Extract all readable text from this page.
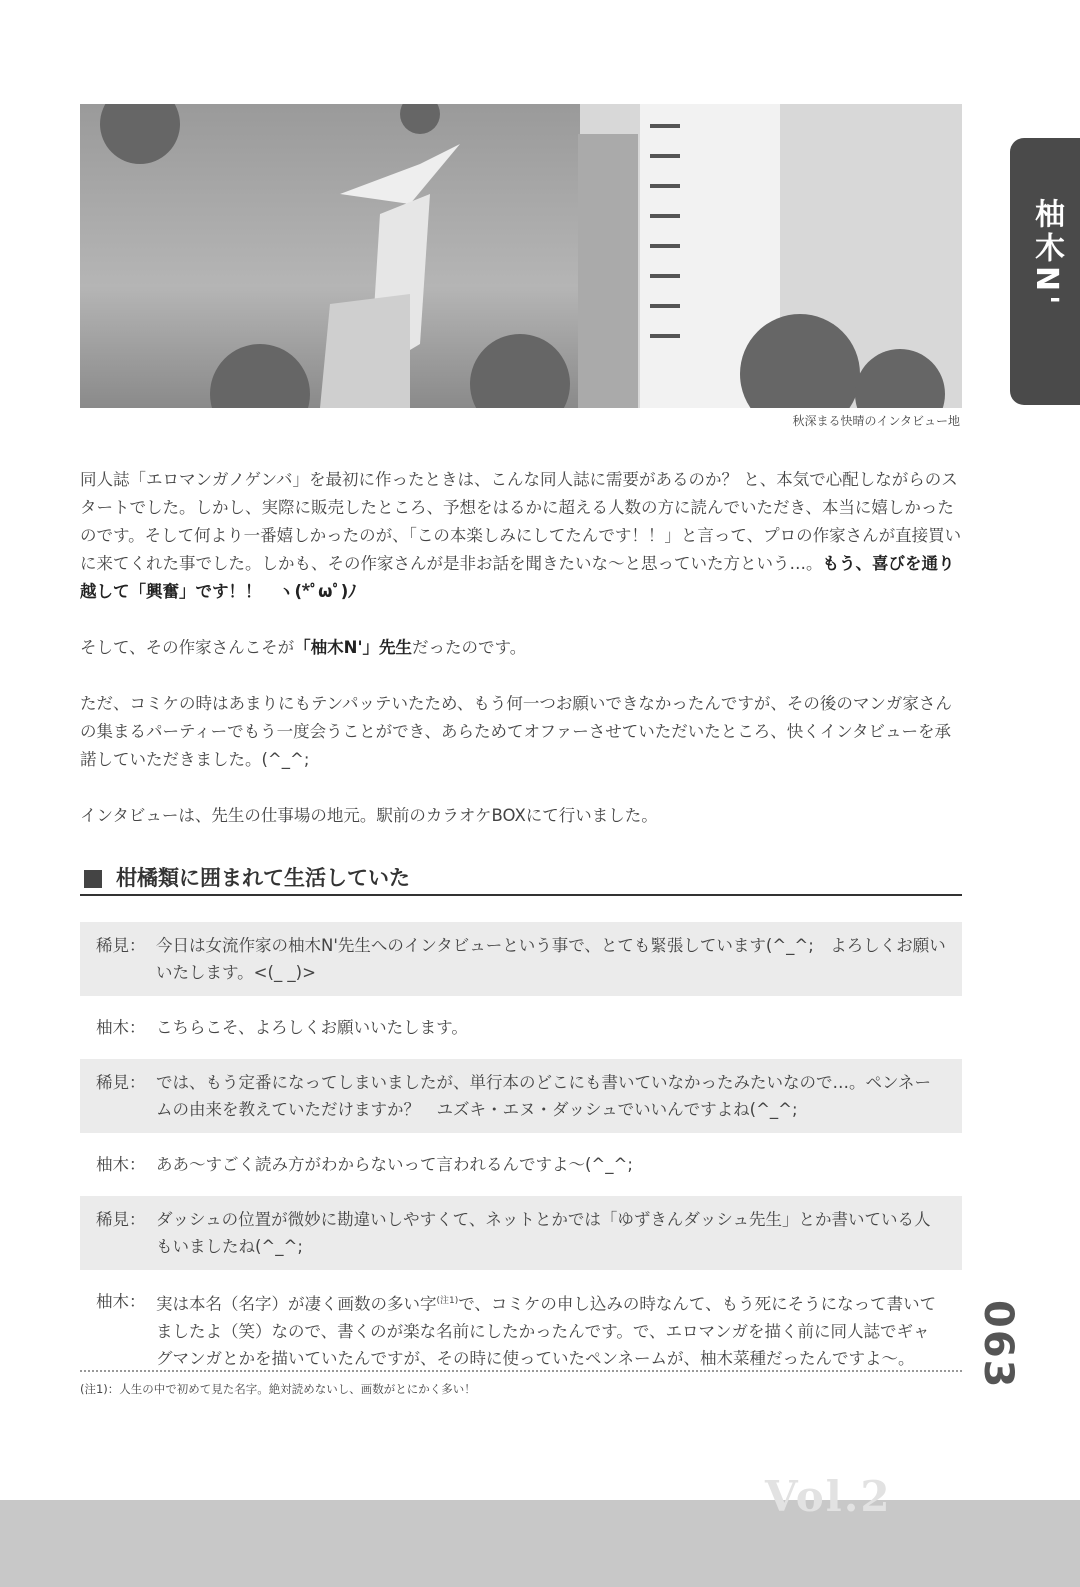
秋深まる快晴のインタビュー地
柚木N'

同人誌「エロマンガノゲンバ」を最初に作ったときは、こんな同人誌に需要があるのか？ と、本気で心配しながらのスタートでした。しかし、実際に販売したところ、予想をはるかに超える人数の方に読んでいただき、本当に嬉しかったのです。そして何より一番嬉しかったのが、「この本楽しみにしてたんです！！」と言って、プロの作家さんが直接買いに来てくれた事でした。しかも、その作家さんが是非お話を聞きたいな～と思っていた方という…。もう、喜びを通り越して「興奮」です！！　ヽ(*ﾟωﾟ)ﾉ

そして、その作家さんこそが「柚木N'」先生だったのです。

ただ、コミケの時はあまりにもテンパッテいたため、もう何一つお願いできなかったんですが、その後のマンガ家さんの集まるパーティーでもう一度会うことができ、あらためてオファーさせていただいたところ、快くインタビューを承諾していただきました。(^_^;

インタビューは、先生の仕事場の地元。駅前のカラオケBOXにて行いました。

柑橘類に囲まれて生活していた
稀見： 今日は女流作家の柚木N'先生へのインタビューという事で、とても緊張しています(^_^;　よろしくお願いいたします。<(_ _)>
柚木： こちらこそ、よろしくお願いいたします。
稀見： では、もう定番になってしまいましたが、単行本のどこにも書いていなかったみたいなので…。ペンネームの由来を教えていただけますか？　ユズキ・エヌ・ダッシュでいいんですよね(^_^;
柚木： ああ～すごく読み方がわからないって言われるんですよ～(^_^;
稀見： ダッシュの位置が微妙に勘違いしやすくて、ネットとかでは「ゆずきんダッシュ先生」とか書いている人もいましたね(^_^;
柚木： 実は本名（名字）が凄く画数の多い字$^{(注1)}$で、コミケの申し込みの時なんて、もう死にそうになって書いてましたよ（笑）なので、書くのが楽な名前にしたかったんです。で、エロマンガを描く前に同人誌でギャグマンガとかを描いていたんですが、その時に使っていたペンネームが、柚木菜種だったんですよ～。
(注1)：人生の中で初めて見た名字。絶対読めないし、画数がとにかく多い！	063
Vol.2
